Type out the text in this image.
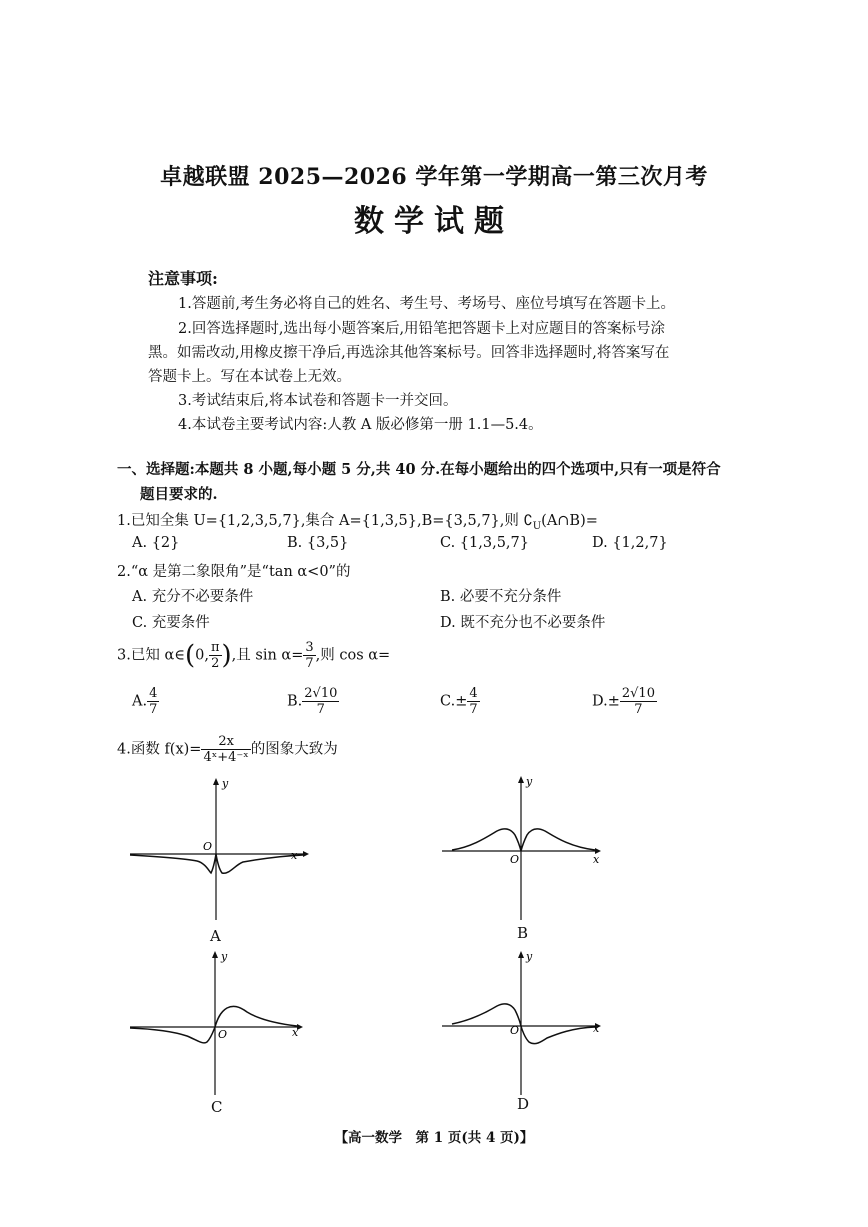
卓越联盟 2025—2026 学年第一学期高一第三次月考
数学试题
注意事项:
1.答题前,考生务必将自己的姓名、考生号、考场号、座位号填写在答题卡上。
2.回答选择题时,选出每小题答案后,用铅笔把答题卡上对应题目的答案标号涂
黑。如需改动,用橡皮擦干净后,再选涂其他答案标号。回答非选择题时,将答案写在
答题卡上。写在本试卷上无效。
3.考试结束后,将本试卷和答题卡一并交回。
4.本试卷主要考试内容:人教 A 版必修第一册 1.1—5.4。
一、选择题:本题共 8 小题,每小题 5 分,共 40 分.在每小题给出的四个选项中,只有一项是符合
题目要求的.
1.已知全集 U={1,2,3,5,7},集合 A={1,3,5},B={3,5,7},则 $∁_U(A\cap B)=$
A. {2}	B. {3,5}	C. {1,3,5,7}	D. {1,2,7}
2.“α 是第二象限角”是“tan α<0”的
A. 充分不必要条件	B. 必要不充分条件
C. 充要条件	D. 既不充分也不必要条件
3.已知 α∈(0, $\frac{\pi}{2}$ ),且 $\sin \alpha= \frac{3}{7}$ ,则 cos α=
A. $\frac{4}{7}$	B. $\frac{2√10}{7}$	$C.\pm \frac{4}{7}$	$D.\pm \frac{2√10}{7}$
4.函数 $f(x)= \frac{2x}{\text{4ˣ+4⁻ˣ}}$ 的图象大致为
y
x
O
A
y
x
O
B
y
x
O
C
y
x
O
D
【高一数学　第 1 页(共 4 页)】
